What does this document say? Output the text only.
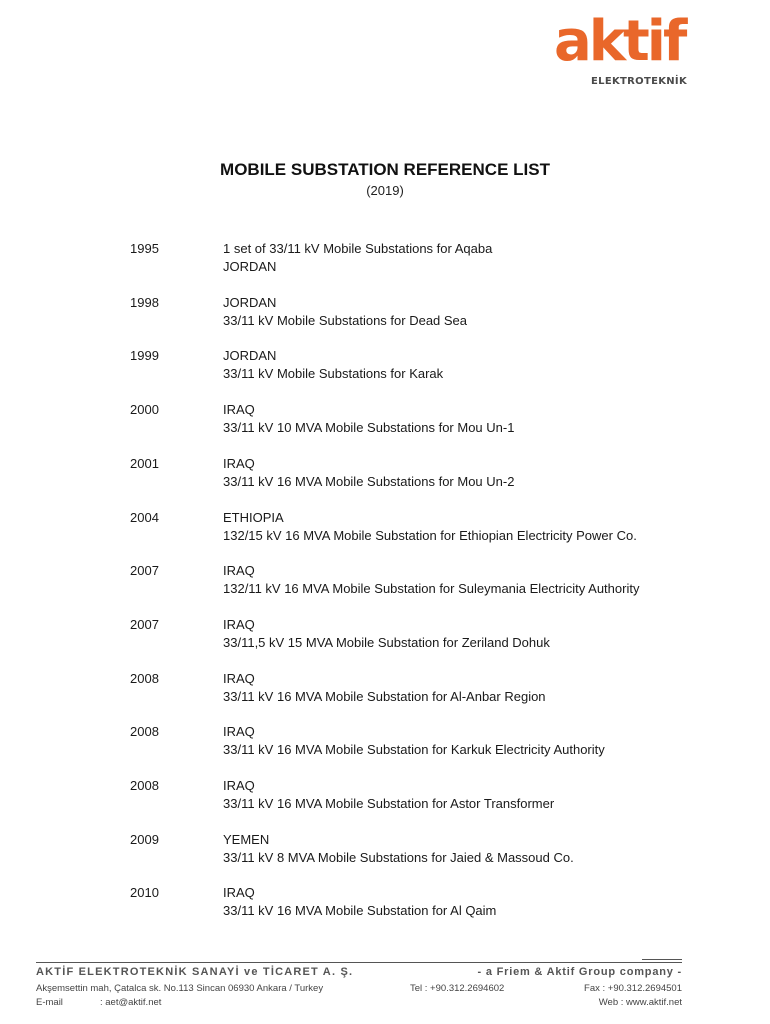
aktif
ELEKTROTEKNİK
MOBILE SUBSTATION REFERENCE LIST
(2019)
1995	1 set of 33/11 kV Mobile Substations for Aqaba
JORDAN
1998	JORDAN
33/11 kV Mobile Substations for Dead Sea
1999	JORDAN
33/11 kV Mobile Substations for Karak
2000	IRAQ
33/11 kV 10 MVA Mobile Substations for Mou Un-1
2001	IRAQ
33/11 kV 16 MVA Mobile Substations for Mou Un-2
2004	ETHIOPIA
132/15 kV 16 MVA Mobile Substation for Ethiopian Electricity Power Co.
2007	IRAQ
132/11 kV 16 MVA Mobile Substation for Suleymania Electricity Authority
2007	IRAQ
33/11,5 kV 15 MVA Mobile Substation for Zeriland Dohuk
2008	IRAQ
33/11 kV 16 MVA Mobile Substation for Al-Anbar Region
2008	IRAQ
33/11 kV 16 MVA Mobile Substation for Karkuk Electricity Authority
2008	IRAQ
33/11 kV 16 MVA Mobile Substation for Astor Transformer
2009	YEMEN
33/11 kV 8 MVA Mobile Substations for Jaied & Massoud Co.
2010	IRAQ
33/11 kV 16 MVA Mobile Substation for Al Qaim
AKTİF ELEKTROTEKNİK SANAYİ ve TİCARET A. Ş.	- a Friem & Aktif Group company -
Akşemsettin mah, Çatalca sk. No.113 Sincan 06930 Ankara / Turkey	Tel : +90.312.2694602	Fax : +90.312.2694501
E-mail	: aet@aktif.net	Web : www.aktif.net
